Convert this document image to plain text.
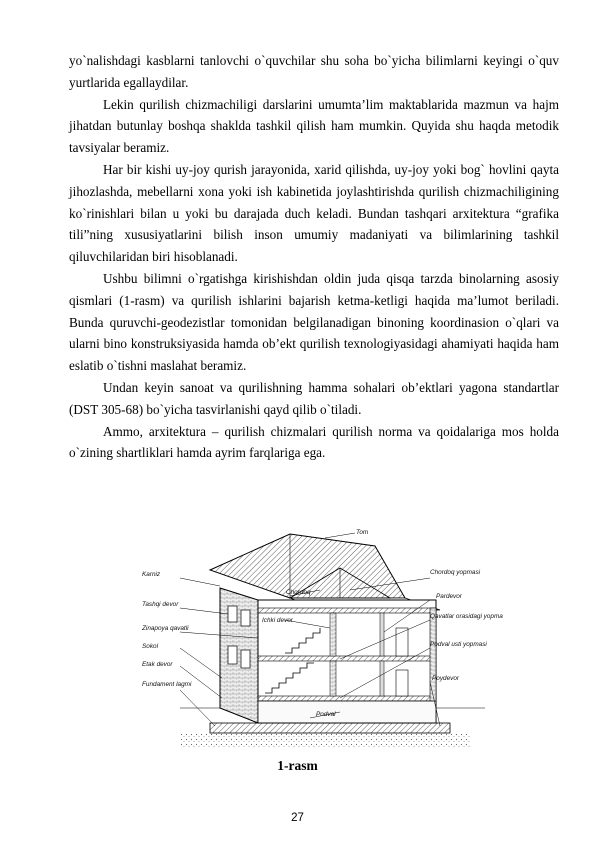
yo`nalishdagi kasblarni tanlovchi o`quvchilar shu soha bo`yicha bilimlarni keyingi o`quv yurtlarida egallaydilar.

Lekin qurilish chizmachiligi darslarini umumta’lim maktablarida mazmun va hajm jihatdan butunlay boshqa shaklda tashkil qilish ham mumkin. Quyida shu haqda metodik tavsiyalar beramiz.

Har bir kishi uy-joy qurish jarayonida, xarid qilishda, uy-joy yoki bog` hovlini qayta jihozlashda, mebellarni xona yoki ish kabinetida joylashtirishda qurilish chizmachiligining ko`rinishlari bilan u yoki bu darajada duch keladi. Bundan tashqari arxitektura “grafika tili”ning xususiyatlarini bilish inson umumiy madaniyati va bilimlarining tashkil qiluvchilaridan biri hisoblanadi.

Ushbu bilimni o`rgatishga kirishishdan oldin juda qisqa tarzda binolarning asosiy qismlari (1-rasm) va qurilish ishlarini bajarish ketma-ketligi haqida ma’lumot beriladi. Bunda quruvchi-geodezistlar tomonidan belgilanadigan binoning koordinasion o`qlari va ularni bino konstruksiyasida hamda ob’ekt qurilish texnologiyasidagi ahamiyati haqida ham eslatib o`tishni maslahat beramiz.

Undan keyin sanoat va qurilishning hamma sohalari ob’ektlari yagona standartlar (DST 305-68) bo`yicha tasvirlanishi qayd qilib o`tiladi.

Ammo, arxitektura – qurilish chizmalari qurilish norma va qoidalariga mos holda o`zining shartliklari hamda ayrim farqlariga ega.

Tom
Karniz
Tashqi devor
Zinapoya qavatli
Sokol
Etak devor
Fundament lagmi
Chordoq
Ichki devor
Chordoq yopmasi
Pardevor
Qavatlar orasidagi yopma
Podval usti yopmasi
Podval
Poydevor
1-rasm
27
